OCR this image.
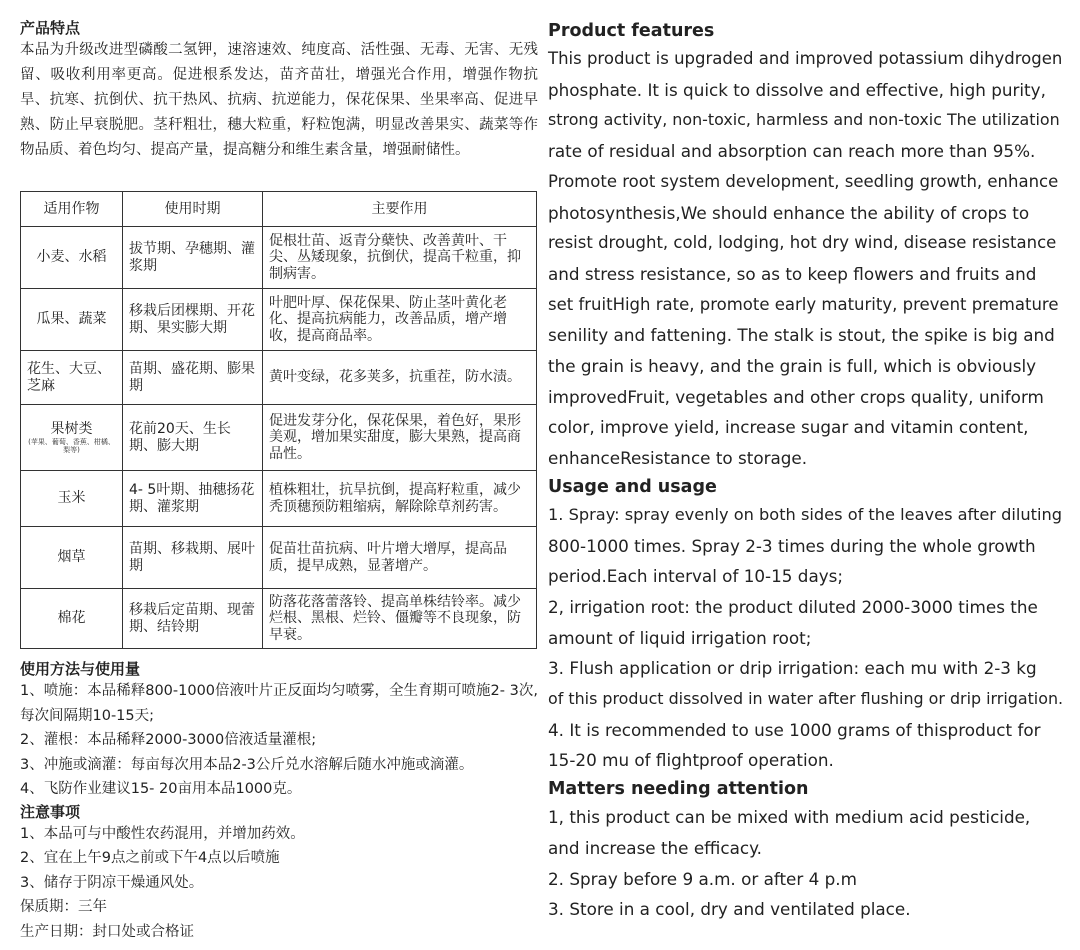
产品特点

本品为升级改进型磷酸二氢钾，速溶速效、纯度高、活性强、无毒、无害、无残留、吸收利用率更高。促进根系发达，苗齐苗壮，增强光合作用，增强作物抗旱、抗寒、抗倒伏、抗干热风、抗病、抗逆能力，保花保果、坐果率高、促进早熟、防止早衰脱肥。茎秆粗壮，穗大粒重，籽粒饱满，明显改善果实、蔬菜等作物品质、着色均匀、提高产量，提高糖分和维生素含量，增强耐储性。

适用作物	使用时期	主要作用
小麦、水稻	拔节期、孕穗期、灌浆期	促根壮苗、返青分蘖快、改善黄叶、干尖、丛矮现象，抗倒伏，提高千粒重，抑制病害。
瓜果、蔬菜	移栽后团棵期、开花期、果实膨大期	叶肥叶厚、保花保果、防止茎叶黄化老化、提高抗病能力，改善品质，增产增收，提高商品率。
花生、大豆、芝麻	苗期、盛花期、膨果期	黄叶变绿，花多荚多，抗重茬，防水渍。
果树类
(苹果、葡萄、香蕉、柑橘、梨等)	花前20天、生长期、膨大期	促进发芽分化，保花保果，着色好，果形美观，增加果实甜度，膨大果熟，提高商品性。
玉米	4- 5叶期、抽穗扬花期、灌浆期	植株粗壮，抗旱抗倒，提高籽粒重，减少秃顶穗预防粗缩病，解除除草剂药害。
烟草	苗期、移栽期、展叶期	促苗壮苗抗病、叶片增大增厚，提高品质，提早成熟，显著增产。
棉花	移栽后定苗期、现蕾期、结铃期	防落花落蕾落铃、提高单株结铃率。减少烂根、黑根、烂铃、僵瓣等不良现象，防早衰。
使用方法与使用量
1、喷施：本品稀释800-1000倍液叶片正反面均匀喷雾，全生育期可喷施2- 3次,
每次间隔期10-15天;
2、灌根：本品稀释2000-3000倍液适量灌根;
3、冲施或滴灌：每亩每次用本品2-3公斤兑水溶解后随水冲施或滴灌。
4、飞防作业建议15- 20亩用本品1000克。
注意事项
1、本品可与中酸性农药混用，并增加药效。
2、宜在上午9点之前或下午4点以后喷施
3、储存于阴凉干燥通风处。
保质期：三年
生产日期：封口处或合格证
Product features
This product is upgraded and improved potassium dihydrogen
phosphate. It is quick to dissolve and effective, high purity,
strong activity, non-toxic, harmless and non-toxic The utilization
rate of residual and absorption can reach more than 95%.
Promote root system development, seedling growth, enhance
photosynthesis,We should enhance the ability of crops to
resist drought, cold, lodging, hot dry wind, disease resistance
and stress resistance, so as to keep flowers and fruits and
set fruitHigh rate, promote early maturity, prevent premature
senility and fattening. The stalk is stout, the spike is big and
the grain is heavy, and the grain is full, which is obviously
improvedFruit, vegetables and other crops quality, uniform
color, improve yield, increase sugar and vitamin content,
enhanceResistance to storage.
Usage and usage
1. Spray: spray evenly on both sides of the leaves after diluting
800-1000 times. Spray 2-3 times during the whole growth
period.Each interval of 10-15 days;
2, irrigation root: the product diluted 2000-3000 times the
amount of liquid irrigation root;
3. Flush application or drip irrigation: each mu with 2-3 kg
of this product dissolved in water after flushing or drip irrigation.
4. It is recommended to use 1000 grams of thisproduct for
15-20 mu of flightproof operation.
Matters needing attention
1, this product can be mixed with medium acid pesticide,
and increase the efficacy.
2. Spray before 9 a.m. or after 4 p.m
3. Store in a cool, dry and ventilated place.
